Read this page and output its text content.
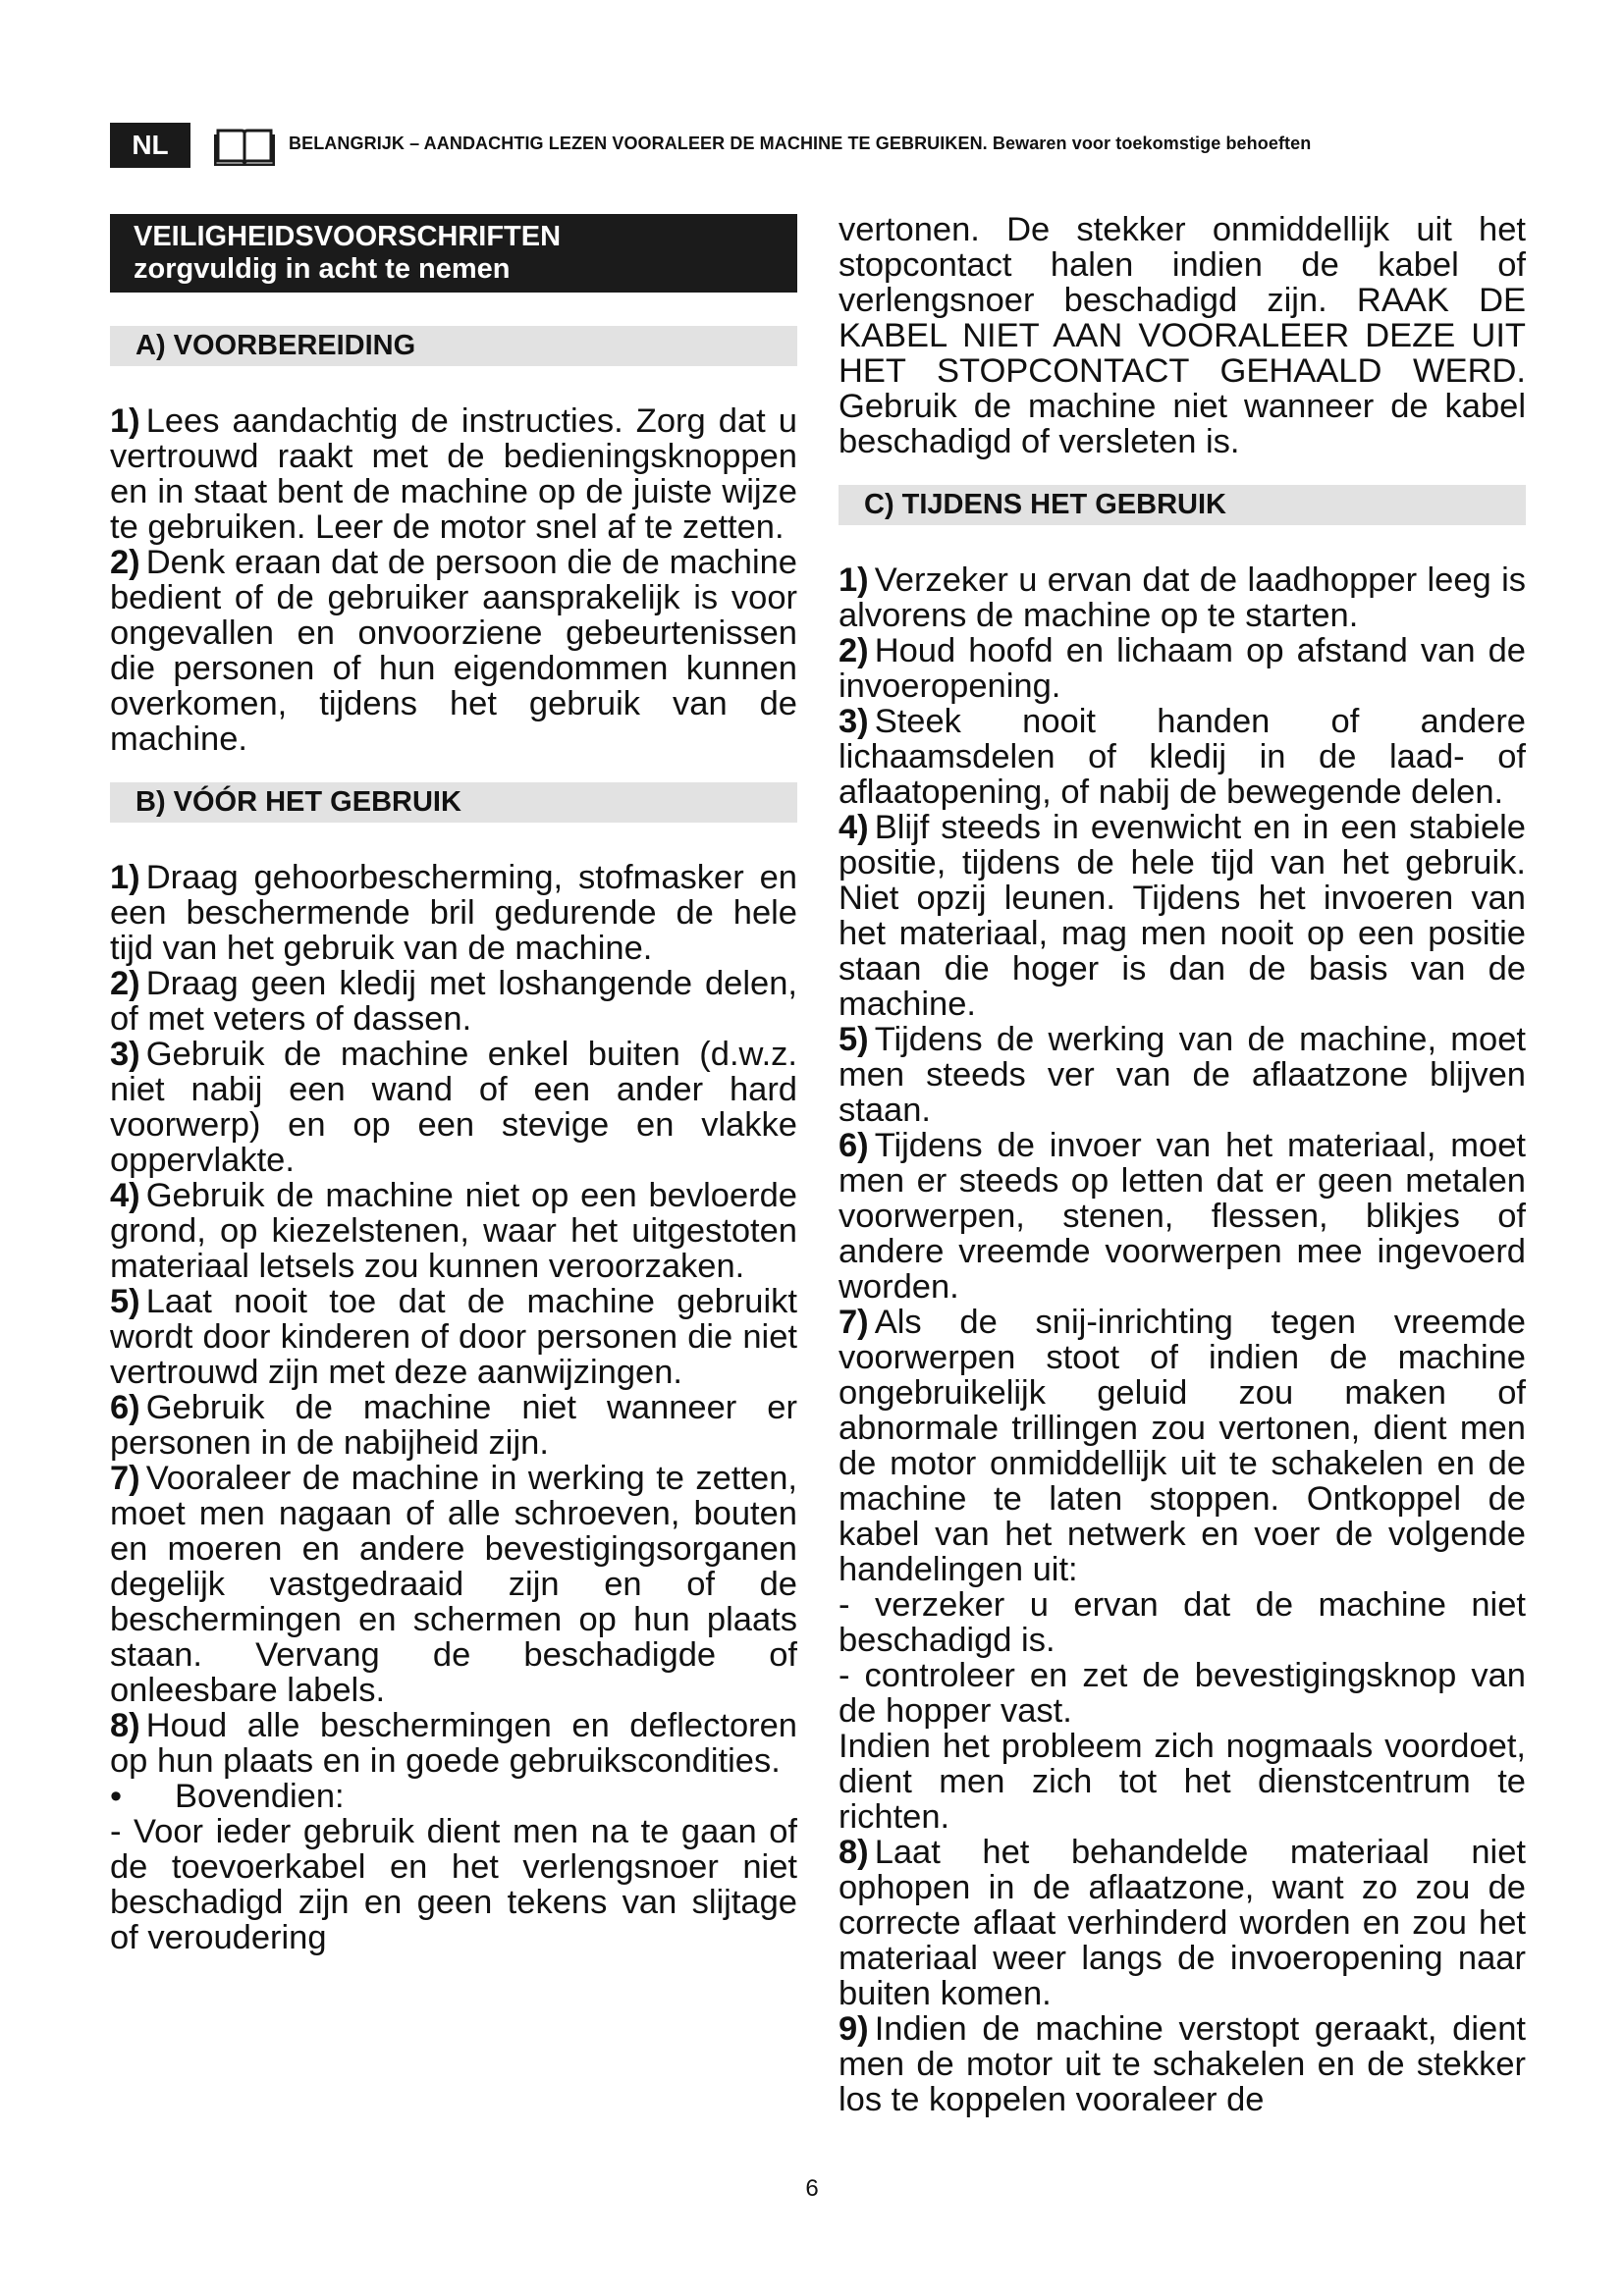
NL	BELANGRIJK – AANDACHTIG LEZEN VOORALEER DE MACHINE TE GEBRUIKEN. Bewaren voor toekomstige behoeften
VEILIGHEIDSVOORSCHRIFTEN
zorgvuldig in acht te nemen
A) VOORBEREIDING

1) Lees aandachtig de instructies. Zorg dat u vertrouwd raakt met de bedieningsknoppen en in staat bent de machine op de juiste wijze te gebruiken. Leer de motor snel af te zetten.

2) Denk eraan dat de persoon die de machine bedient of de gebruiker aansprakelijk is voor ongevallen en onvoorziene gebeurtenissen die personen of hun eigendommen kunnen overkomen, tijdens het gebruik van de machine.

B) VÓÓR HET GEBRUIK

1) Draag gehoorbescherming, stofmasker en een beschermende bril gedurende de hele tijd van het gebruik van de machine.

2) Draag geen kledij met loshangende delen, of met veters of dassen.

3) Gebruik de machine enkel buiten (d.w.z. niet nabij een wand of een ander hard voorwerp) en op een stevige en vlakke oppervlakte.

4) Gebruik de machine niet op een bevloerde grond, op kiezelstenen, waar het uitgestoten materiaal letsels zou kunnen veroorzaken.

5) Laat nooit toe dat de machine gebruikt wordt door kinderen of door personen die niet vertrouwd zijn met deze aanwijzingen.

6) Gebruik de machine niet wanneer er personen in de nabijheid zijn.

7) Vooraleer de machine in werking te zetten, moet men nagaan of alle schroeven, bouten en moeren en andere bevestigingsorganen degelijk vastgedraaid zijn en of de beschermingen en schermen op hun plaats staan. Vervang de beschadigde of onleesbare labels.

8) Houd alle beschermingen en deflectoren op hun plaats en in goede gebruikscondities.

• Bovendien:

- Voor ieder gebruik dient men na te gaan of de toevoerkabel en het verlengsnoer niet beschadigd zijn en geen tekens van slijtage of veroudering

vertonen. De stekker onmiddellijk uit het stopcontact halen indien de kabel of verlengsnoer beschadigd zijn. RAAK DE KABEL NIET AAN VOORALEER DEZE UIT HET STOPCONTACT GEHAALD WERD. Gebruik de machine niet wanneer de kabel beschadigd of versleten is.

C) TIJDENS HET GEBRUIK

1) Verzeker u ervan dat de laadhopper leeg is alvorens de machine op te starten.

2) Houd hoofd en lichaam op afstand van de invoeropening.

3) Steek nooit handen of andere lichaamsdelen of kledij in de laad- of aflaatopening, of nabij de bewegende delen.

4) Blijf steeds in evenwicht en in een stabiele positie, tijdens de hele tijd van het gebruik. Niet opzij leunen. Tijdens het invoeren van het materiaal, mag men nooit op een positie staan die hoger is dan de basis van de machine.

5) Tijdens de werking van de machine, moet men steeds ver van de aflaatzone blijven staan.

6) Tijdens de invoer van het materiaal, moet men er steeds op letten dat er geen metalen voorwerpen, stenen, flessen, blikjes of andere vreemde voorwerpen mee ingevoerd worden.

7) Als de snij-inrichting tegen vreemde voorwerpen stoot of indien de machine ongebruikelijk geluid zou maken of abnormale trillingen zou vertonen, dient men de motor onmiddellijk uit te schakelen en de machine te laten stoppen. Ontkoppel de kabel van het netwerk en voer de volgende handelingen uit:

- verzeker u ervan dat de machine niet beschadigd is.

- controleer en zet de bevestigingsknop van de hopper vast.

Indien het probleem zich nogmaals voordoet, dient men zich tot het dienstcentrum te richten.

8) Laat het behandelde materiaal niet ophopen in de aflaatzone, want zo zou de correcte aflaat verhinderd worden en zou het materiaal weer langs de invoeropening naar buiten komen.

9) Indien de machine verstopt geraakt, dient men de motor uit te schakelen en de stekker los te koppelen vooraleer de

6
